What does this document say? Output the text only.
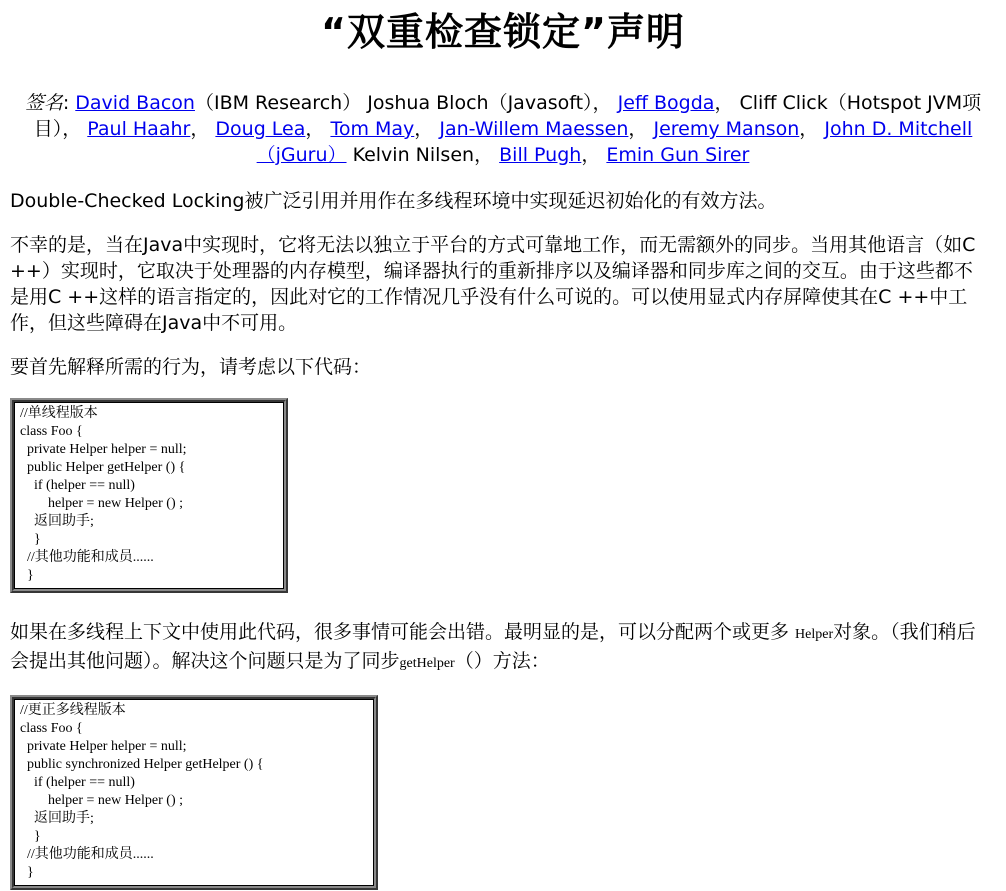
“双重检查锁定”声明
签名: David Bacon（IBM Research） Joshua Bloch（Javasoft）， Jeff Bogda， Cliff Click（Hotspot JVM项目）， Paul Haahr， Doug Lea， Tom May， Jan-Willem Maessen， Jeremy Manson， John D. Mitchell（jGuru） Kelvin Nilsen， Bill Pugh， Emin Gun Sirer

Double-Checked Locking被广泛引用并用作在多线程环境中实现延迟初始化的有效方法。

不幸的是，当在Java中实现时，它将无法以独立于平台的方式可靠地工作，而无需额外的同步。当用其他语言（如C ++）实现时，它取决于处理器的内存模型，编译器执行的重新排序以及编译器和同步库之间的交互。由于这些都不是用C ++这样的语言指定的，因此对它的工作情况几乎没有什么可说的。可以使用显式内存屏障使其在C ++中工作，但这些障碍在Java中不可用。

要首先解释所需的行为，请考虑以下代码：

//单线程版本
class Foo {
private Helper helper = null;
public Helper getHelper () {
if (helper == null)
helper = new Helper () ;
返回助手;
}
//其他功能和成员......
}

如果在多线程上下文中使用此代码，很多事情可能会出错。最明显的是，可以分配两个或更多 Helper对象。（我们稍后会提出其他问题）。解决这个问题只是为了同步getHelper（）方法：

//更正多线程版本
class Foo {
private Helper helper = null;
public synchronized Helper getHelper () {
if (helper == null)
helper = new Helper () ;
返回助手;
}
//其他功能和成员......
}
